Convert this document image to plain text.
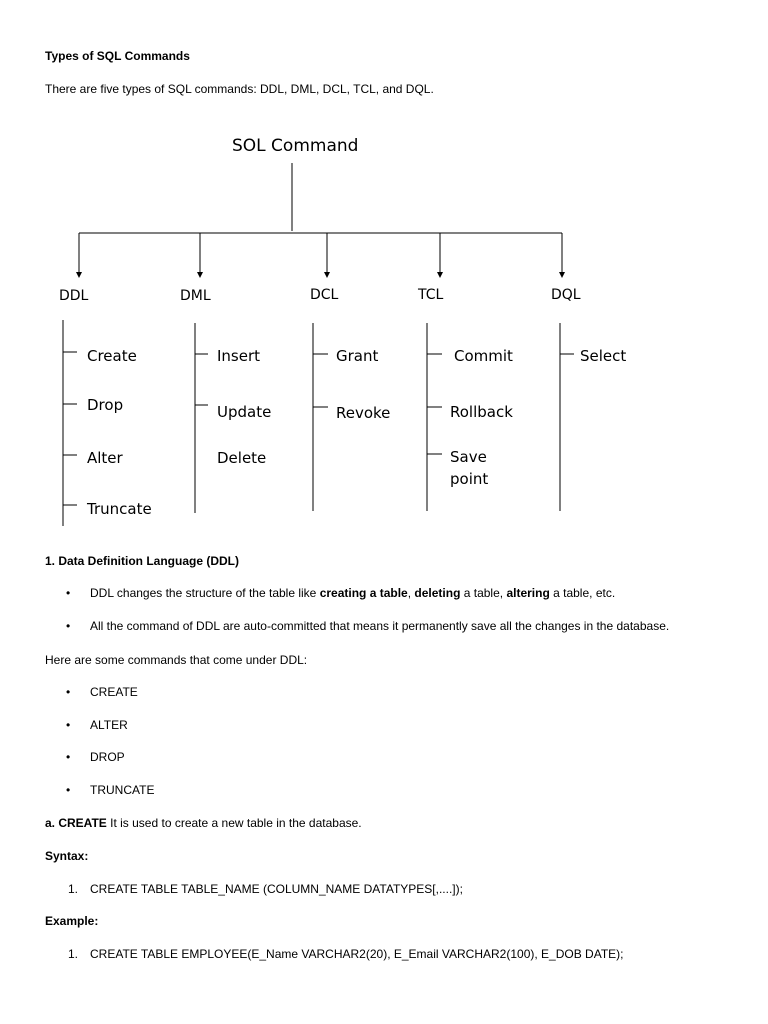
Types of SQL Commands
There are five types of SQL commands: DDL, DML, DCL, TCL, and DQL.
SOL Command
DDL	DML	DCL	TCL	DQL
Create
Drop
Alter
Truncate
Insert
Update
Delete
Grant
Revoke
Commit
Rollback
Save
point
Select
1. Data Definition Language (DDL)
• DDL changes the structure of the table like creating a table, deleting a table, altering a table, etc.
• All the command of DDL are auto-committed that means it permanently save all the changes in the database.
Here are some commands that come under DDL:
• CREATE
• ALTER
• DROP
• TRUNCATE
a. CREATE It is used to create a new table in the database.
Syntax:
1. CREATE TABLE TABLE_NAME (COLUMN_NAME DATATYPES[,....]);
Example:
1. CREATE TABLE EMPLOYEE(E_Name VARCHAR2(20), E_Email VARCHAR2(100), E_DOB DATE);
